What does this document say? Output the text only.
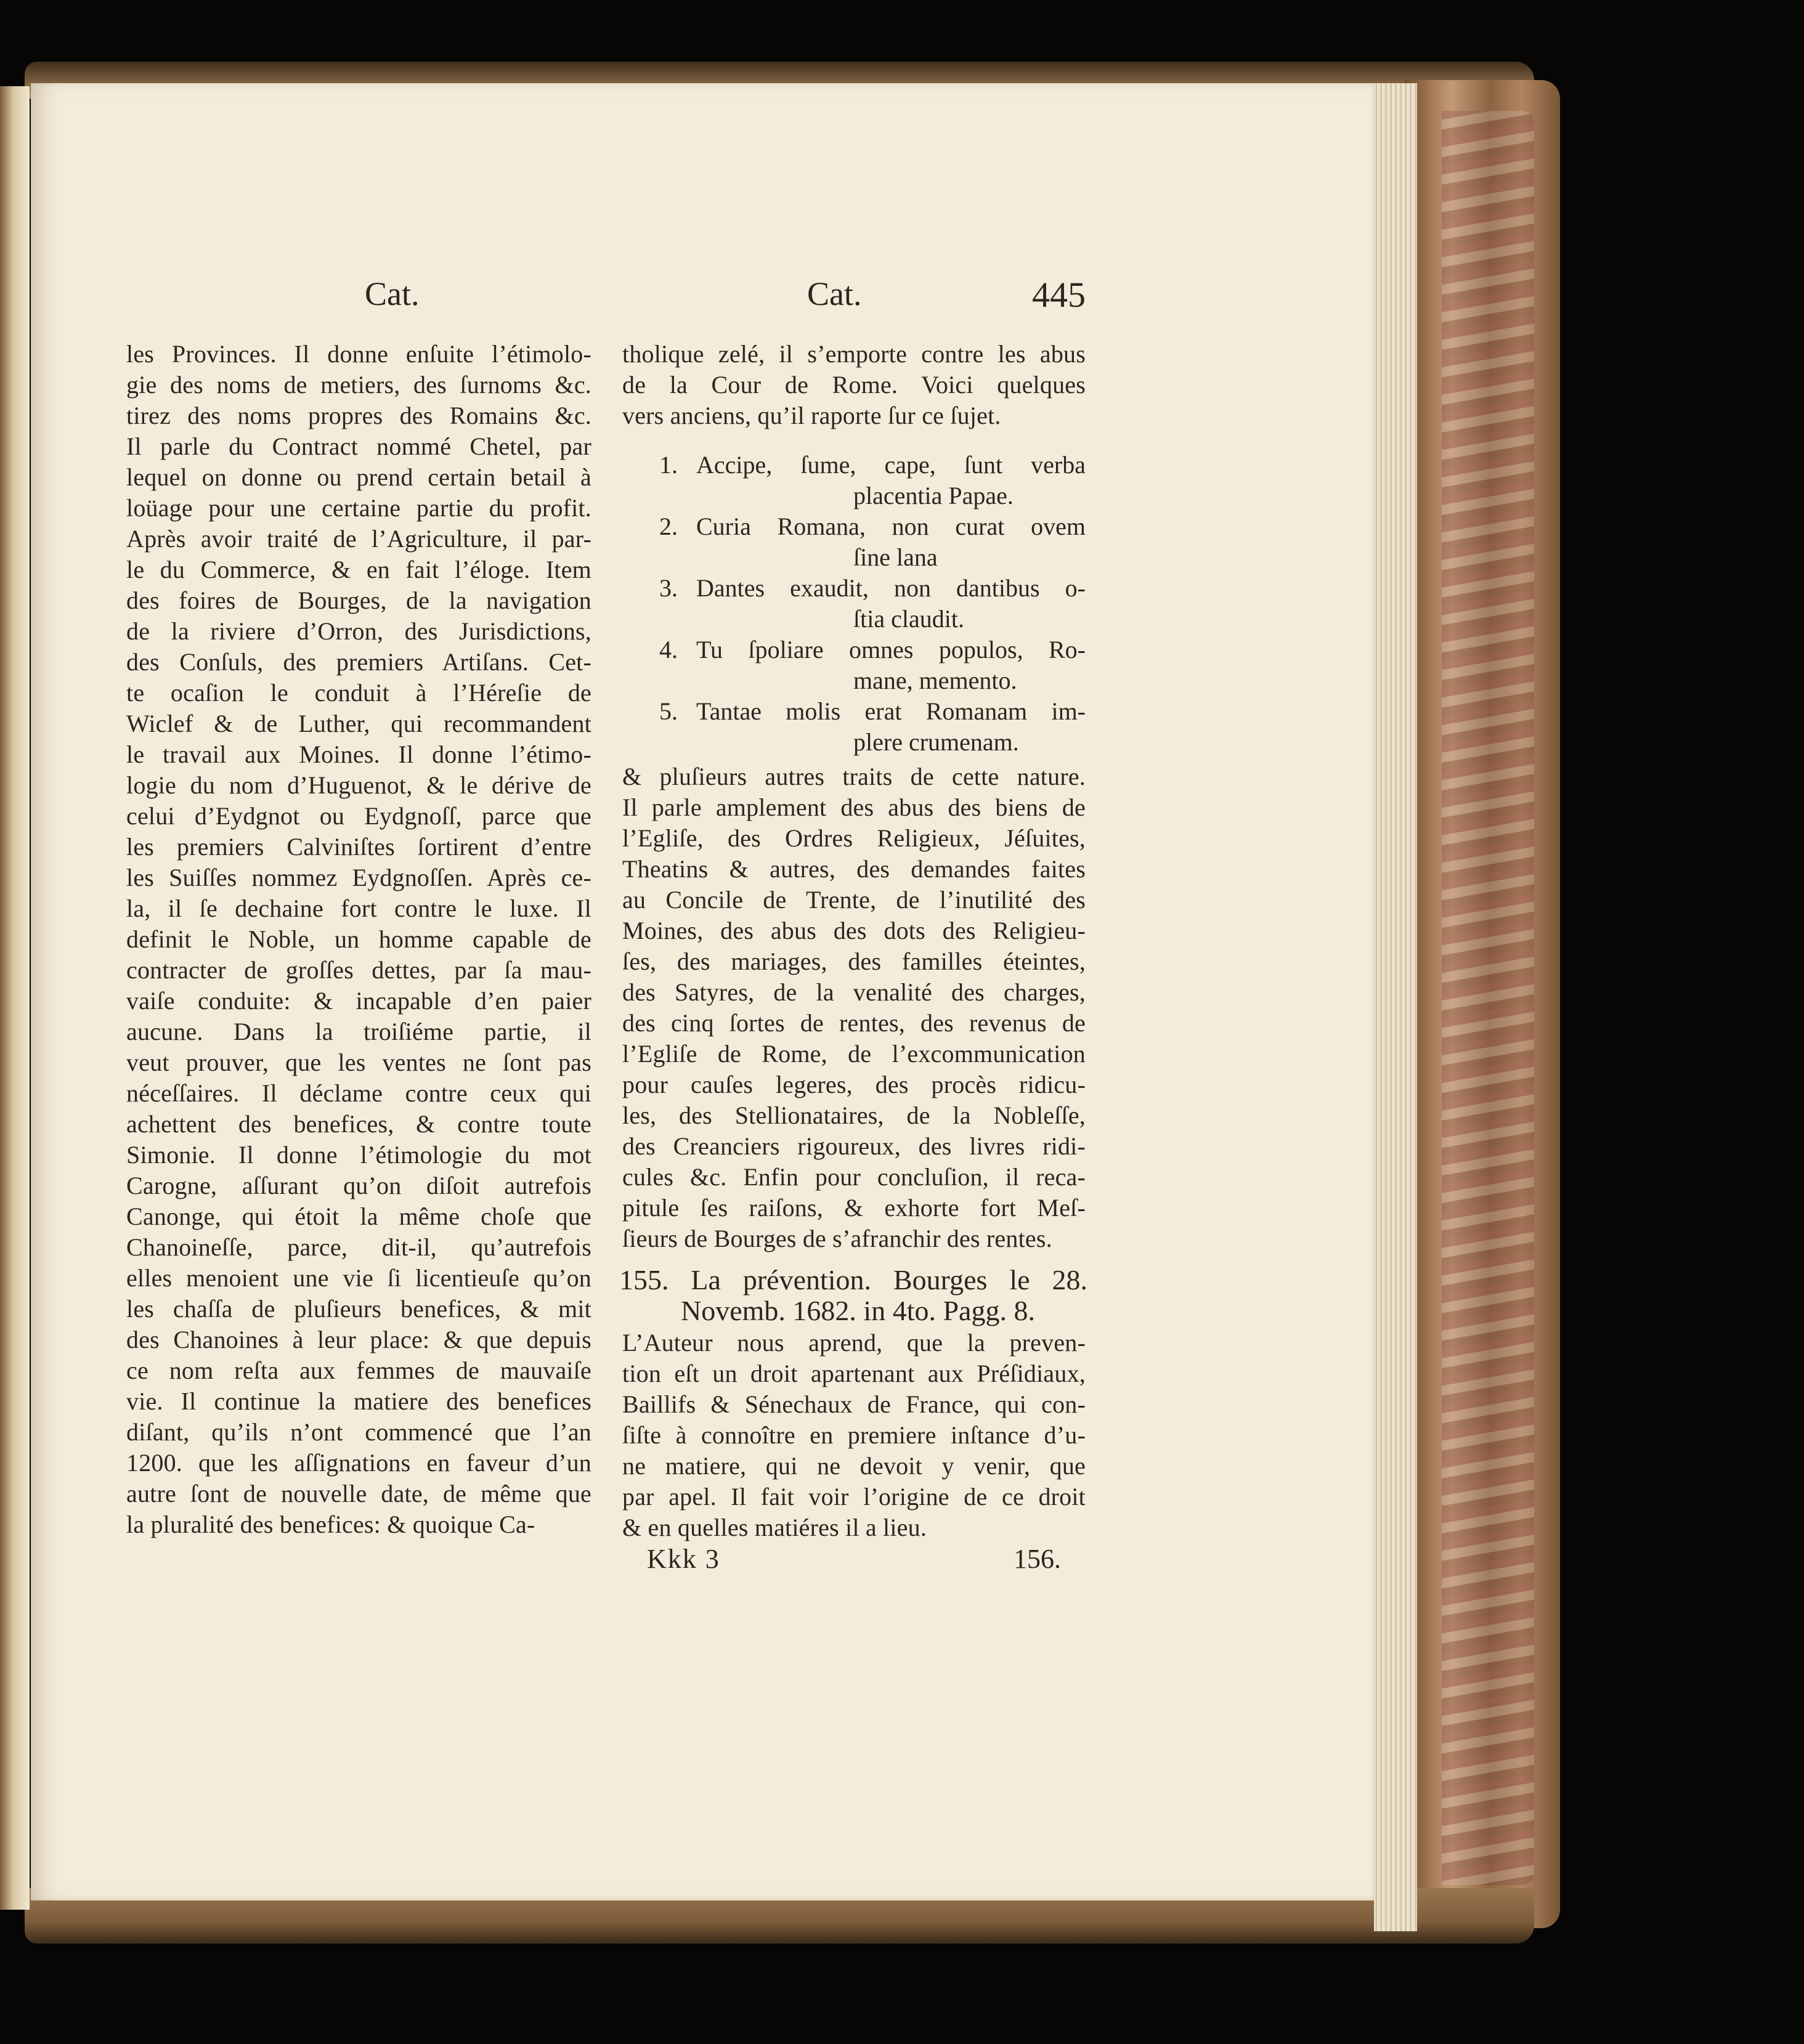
Cat.	Cat.	445
les Provinces. Il donne enſuite l’étimolo-
gie des noms de metiers, des ſurnoms &c.
tirez des noms propres des Romains &c.
Il parle du Contract nommé Chetel, par
lequel on donne ou prend certain betail à
loüage pour une certaine partie du profit.
Après avoir traité de l’Agriculture, il par-
le du Commerce, & en fait l’éloge. Item
des foires de Bourges, de la navigation
de la riviere d’Orron, des Jurisdictions,
des Conſuls, des premiers Artiſans. Cet-
te ocaſion le conduit à l’Héreſie de
Wiclef & de Luther, qui recommandent
le travail aux Moines. Il donne l’étimo-
logie du nom d’Huguenot, & le dérive de
celui d’Eydgnot ou Eydgnoſſ, parce que
les premiers Calviniſtes ſortirent d’entre
les Suiſſes nommez Eydgnoſſen. Après ce-
la, il ſe dechaine fort contre le luxe. Il
definit le Noble, un homme capable de
contracter de groſſes dettes, par ſa mau-
vaiſe conduite: & incapable d’en paier
aucune. Dans la troiſiéme partie, il
veut prouver, que les ventes ne ſont pas
néceſſaires. Il déclame contre ceux qui
achettent des benefices, & contre toute
Simonie. Il donne l’étimologie du mot
Carogne, aſſurant qu’on diſoit autrefois
Canonge, qui étoit la même choſe que
Chanoineſſe, parce, dit-il, qu’autrefois
elles menoient une vie ſi licentieuſe qu’on
les chaſſa de pluſieurs benefices, & mit
des Chanoines à leur place: & que depuis
ce nom reſta aux femmes de mauvaiſe
vie. Il continue la matiere des benefices
diſant, qu’ils n’ont commencé que l’an
1200. que les aſſignations en faveur d’un
autre ſont de nouvelle date, de même que
la pluralité des benefices: & quoique Ca-
tholique zelé, il s’emporte contre les abus
de la Cour de Rome. Voici quelques
vers anciens, qu’il raporte ſur ce ſujet.
1. Accipe, ſume, cape, ſunt verba
placentia Papae.
2. Curia Romana, non curat ovem
ſine lana
3. Dantes exaudit, non dantibus o-
ſtia claudit.
4. Tu ſpoliare omnes populos, Ro-
mane, memento.
5. Tantae molis erat Romanam im-
plere crumenam.
& pluſieurs autres traits de cette nature.
Il parle amplement des abus des biens de
l’Egliſe, des Ordres Religieux, Jéſuites,
Theatins & autres, des demandes faites
au Concile de Trente, de l’inutilité des
Moines, des abus des dots des Religieu-
ſes, des mariages, des familles éteintes,
des Satyres, de la venalité des charges,
des cinq ſortes de rentes, des revenus de
l’Egliſe de Rome, de l’excommunication
pour cauſes legeres, des procès ridicu-
les, des Stellionataires, de la Nobleſſe,
des Creanciers rigoureux, des livres ridi-
cules &c. Enfin pour concluſion, il reca-
pitule ſes raiſons, & exhorte fort Meſ-
ſieurs de Bourges de s’afranchir des rentes.
155. La prévention. Bourges le 28.
Novemb. 1682. in 4to. Pagg. 8.
L’Auteur nous aprend, que la preven-
tion eſt un droit apartenant aux Préſidiaux,
Baillifs & Sénechaux de France, qui con-
ſiſte à connoître en premiere inſtance d’u-
ne matiere, qui ne devoit y venir, que
par apel. Il fait voir l’origine de ce droit
& en quelles matiéres il a lieu.
Kkk 3	156.
